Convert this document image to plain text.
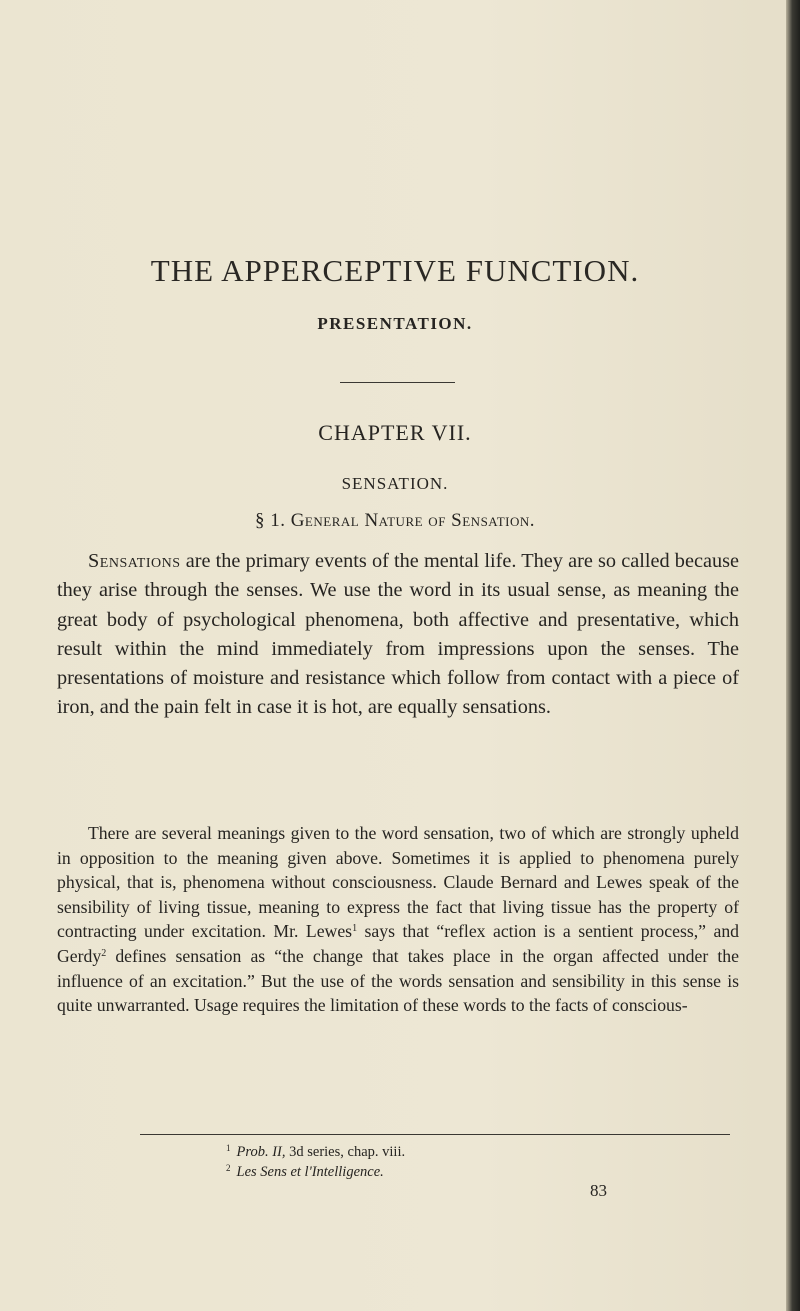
THE APPERCEPTIVE FUNCTION.
PRESENTATION.
CHAPTER VII.
SENSATION.
§ 1. General Nature of Sensation.

Sensations are the primary events of the mental life. They are so called because they arise through the senses. We use the word in its usual sense, as meaning the great body of psychological phenomena, both affective and presentative, which result within the mind immediately from impressions upon the senses. The presentations of moisture and resistance which follow from contact with a piece of iron, and the pain felt in case it is hot, are equally sensations.

There are several meanings given to the word sensation, two of which are strongly upheld in opposition to the meaning given above. Sometimes it is applied to phenomena purely physical, that is, phenomena without consciousness. Claude Bernard and Lewes speak of the sensibility of living tissue, meaning to express the fact that living tissue has the property of contracting under excitation. Mr. Lewes$^1$ says that “reflex action is a sentient process,” and Gerdy$^2$ defines sensation as “the change that takes place in the organ affected under the influence of an excitation.” But the use of the words sensation and sensibility in this sense is quite unwarranted. Usage requires the limitation of these words to the facts of conscious-

$^1$ Prob. II, 3d series, chap. viii.

$^2$ Les Sens et l'Intelligence.

83
